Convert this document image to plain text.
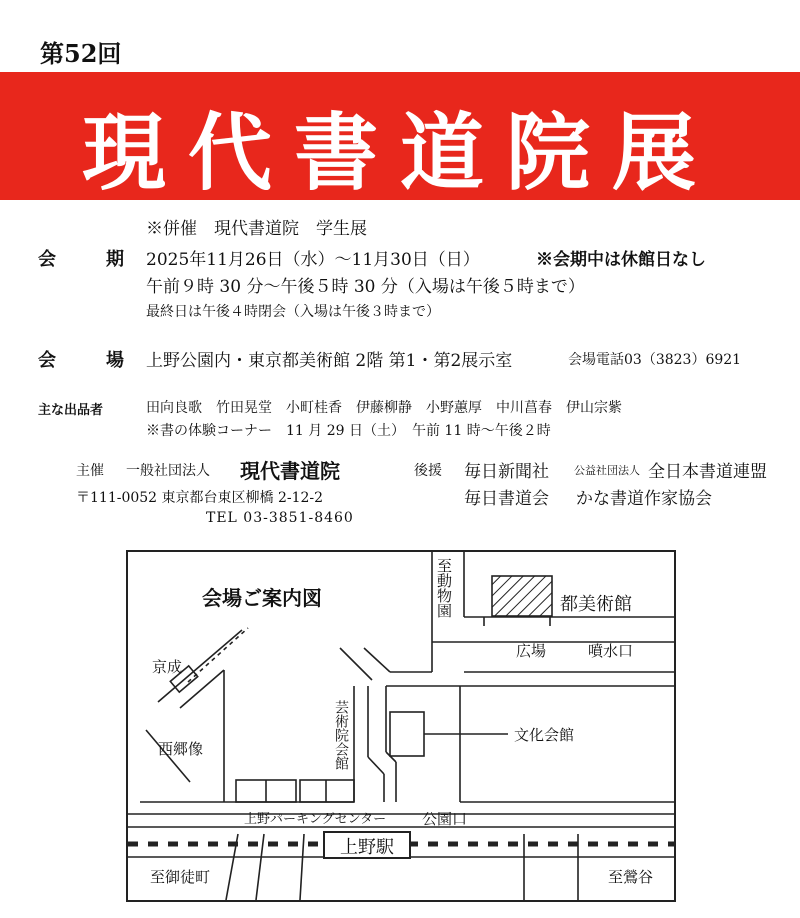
第52回
現代書道院展
※併催　現代書道院　学生展
会　期 2025年11月26日（水）〜11月30日（日）	※会期中は休館日なし
午前９時 30 分〜午後５時 30 分（入場は午後５時まで）
最終日は午後４時閉会（入場は午後３時まで）
会　場 上野公園内・東京都美術館 2階 第1・第2展示室	会場電話03（3823）6921
主な出品者	田向良歌　竹田晃堂　小町桂香　伊藤柳静　小野蕙厚　中川菖春　伊山宗紫
※書の体験コーナー　11 月 29 日（土）　午前 11 時〜午後２時
主催 一般社団法人 現代書道院
〒111-0052 東京都台東区柳橋 2-12-2
TEL 03-3851-8460
後援 毎日新聞社 公益社団法人 全日本書道連盟
毎日書道会 かな書道作家協会
会場ご案内図	至動物園	都美術館
広場	噴水口
京成
西郷像	芸術院会館	文化会館
上野パーキングセンター 公園口
上野駅
至御徒町	至鶯谷
